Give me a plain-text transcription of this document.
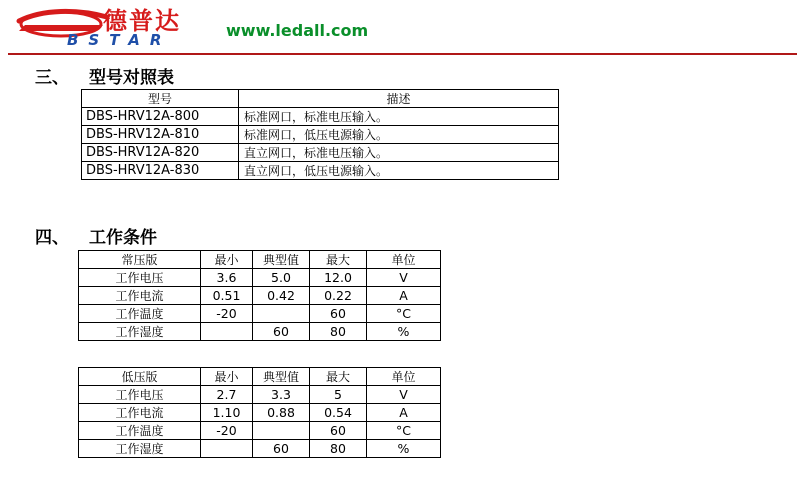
德普达
BSTAR	www.ledall.com
三、 型号对照表
型号	描述
DBS-HRV12A-800	标准网口，标准电压输入。
DBS-HRV12A-810	标准网口，低压电源输入。
DBS-HRV12A-820	直立网口，标准电压输入。
DBS-HRV12A-830	直立网口，低压电源输入。
四、 工作条件
常压版	最小	典型值	最大	单位
工作电压	3.6	5.0	12.0	V
工作电流	0.51	0.42	0.22	A
工作温度	-20		60	°C
工作湿度		60	80	%
低压版	最小	典型值	最大	单位
工作电压	2.7	3.3	5	V
工作电流	1.10	0.88	0.54	A
工作温度	-20		60	°C
工作湿度		60	80	%
